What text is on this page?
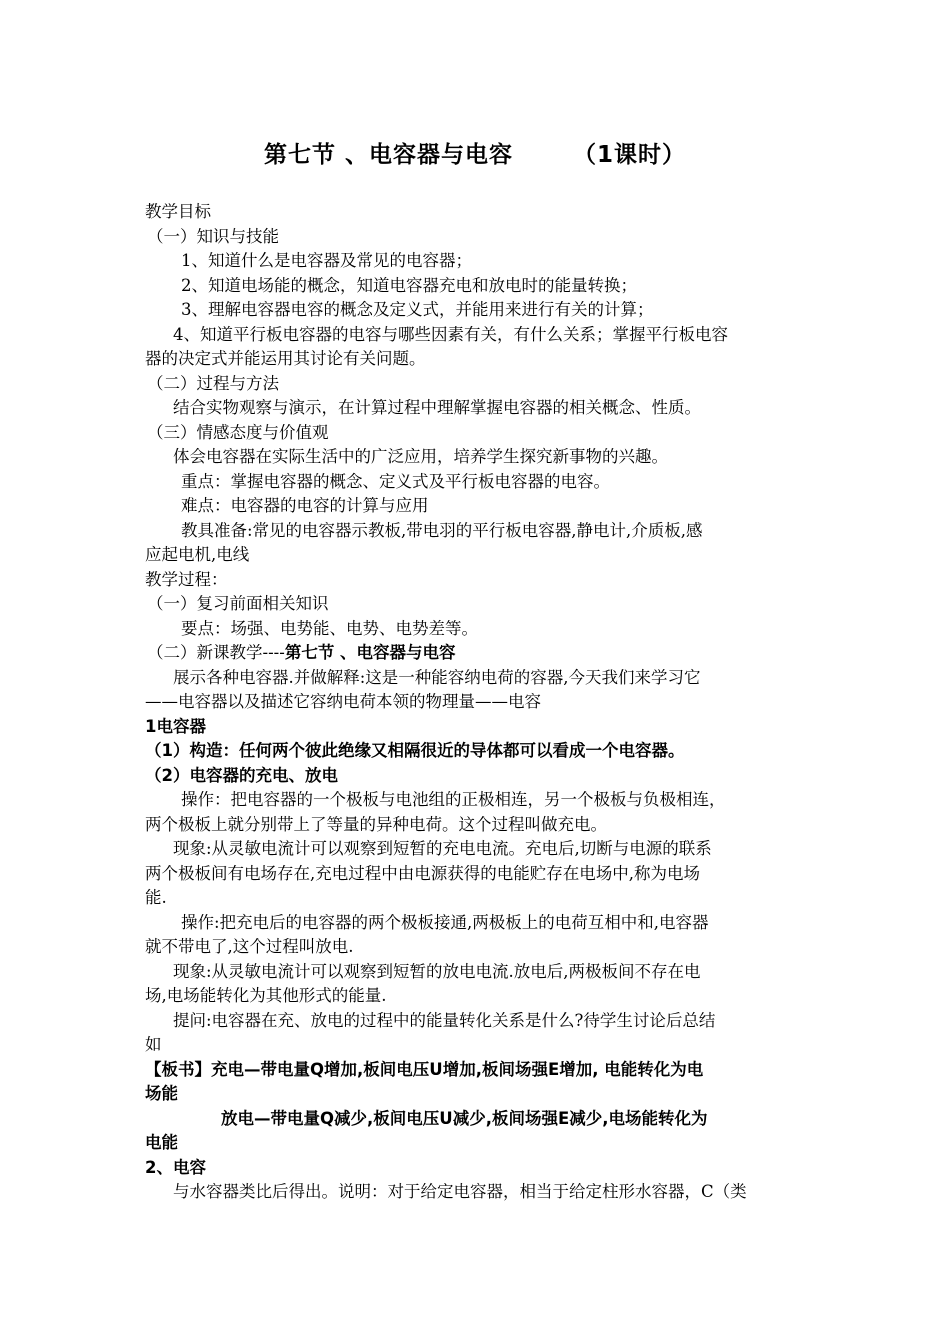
第七节 、电容器与电容	（1课时）
教学目标
（一）知识与技能
1、知道什么是电容器及常见的电容器；
2、知道电场能的概念，知道电容器充电和放电时的能量转换；
3、理解电容器电容的概念及定义式，并能用来进行有关的计算；
4、知道平行板电容器的电容与哪些因素有关，有什么关系；掌握平行板电容
器的决定式并能运用其讨论有关问题。
（二）过程与方法
结合实物观察与演示，在计算过程中理解掌握电容器的相关概念、性质。
（三）情感态度与价值观
体会电容器在实际生活中的广泛应用，培养学生探究新事物的兴趣。
重点：掌握电容器的概念、定义式及平行板电容器的电容。
难点：电容器的电容的计算与应用
教具准备:常见的电容器示教板,带电羽的平行板电容器,静电计,介质板,感
应起电机,电线
教学过程：
（一）复习前面相关知识
要点：场强、电势能、电势、电势差等。
（二）新课教学----第七节 、电容器与电容
展示各种电容器.并做解释:这是一种能容纳电荷的容器,今天我们来学习它
——电容器以及描述它容纳电荷本领的物理量——电容
1电容器
（1）构造：任何两个彼此绝缘又相隔很近的导体都可以看成一个电容器。
（2）电容器的充电、放电
操作：把电容器的一个极板与电池组的正极相连，另一个极板与负极相连，
两个极板上就分别带上了等量的异种电荷。这个过程叫做充电。
现象:从灵敏电流计可以观察到短暂的充电电流。充电后,切断与电源的联系
两个极板间有电场存在,充电过程中由电源获得的电能贮存在电场中,称为电场
能.
操作:把充电后的电容器的两个极板接通,两极板上的电荷互相中和,电容器
就不带电了,这个过程叫放电.
现象:从灵敏电流计可以观察到短暂的放电电流.放电后,两极板间不存在电
场,电场能转化为其他形式的能量.
提问:电容器在充、放电的过程中的能量转化关系是什么?待学生讨论后总结
如
【板书】充电—带电量Q增加,板间电压U增加,板间场强E增加, 电能转化为电
场能
放电—带电量Q减少,板间电压U减少,板间场强E减少,电场能转化为
电能
2、电容
与水容器类比后得出。说明：对于给定电容器，相当于给定柱形水容器，C（类
